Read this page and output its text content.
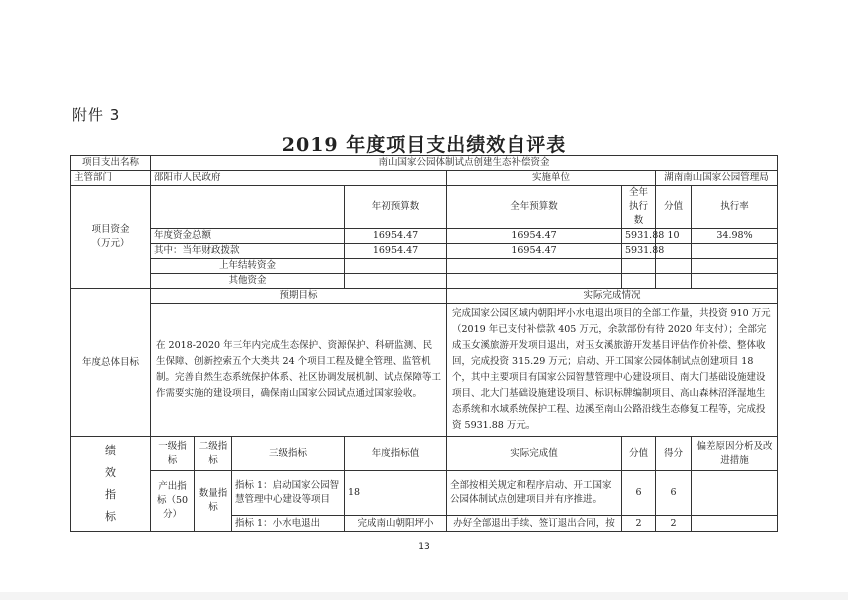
附件 3
2019 年度项目支出绩效自评表
项目支出名称	南山国家公园体制试点创建生态补偿资金							
主管部门	邵阳市人民政府				实施单位		湖南南山国家公园管理局	
项目资金
（万元）				年初预算数	全年预算数	全年执行数	分值	执行率
	年度资金总额			16954.47	16954.47	5931.88	10	34.98%
	其中：当年财政拨款			16954.47	16954.47	5931.88		
	上年结转资金							
	其他资金							
年度总体目标	预期目标				实际完成情况			
	在 2018-2020 年三年内完成生态保护、资源保护、科研监测、民生保障、创新控索五个大类共 24 个项目工程及健全管理、监管机制。完善自然生态系统保护体系、社区协调发展机制、试点保障等工作需要实施的建设项目，确保南山国家公园试点通过国家验收。				完成国家公园区域内朝阳坪小水电退出项目的全部工作量，共投资 910 万元（2019 年已支付补偿款 405 万元，余款部份有待 2020 年支付）；全部完成玉女溪旅游开发项目退出，对玉女溪旅游开发基目评估作价补偿、整体收回，完成投资 315.29 万元；启动、开工国家公园体制试点创建项目 18 个，其中主要项目有国家公园智慧管理中心建设项目、南大门基础设施建设项目、北大门基础设施建设项目、标识标牌编制项目、高山森林沼泽湿地生态系统和水域系统保护工程、边溪至南山公路沿线生态修复工程等，完成投资 5931.88 万元。			

绩
效
指
标	一级指标	二级指标	三级指标	年度指标值	实际完成值	分值	得分	偏差原因分析及改进措施
	产出指标（50 分）	数量指标	指标 1：启动国家公园智慧管理中心建设等项目	18	全部按相关规定和程序启动、开工国家公园体制试点创建项目并有序推进。	6	6	
			指标 1：小水电退出	完成南山朝阳坪小	办好全部退出手续、签订退出合同，按	2	2	
13
